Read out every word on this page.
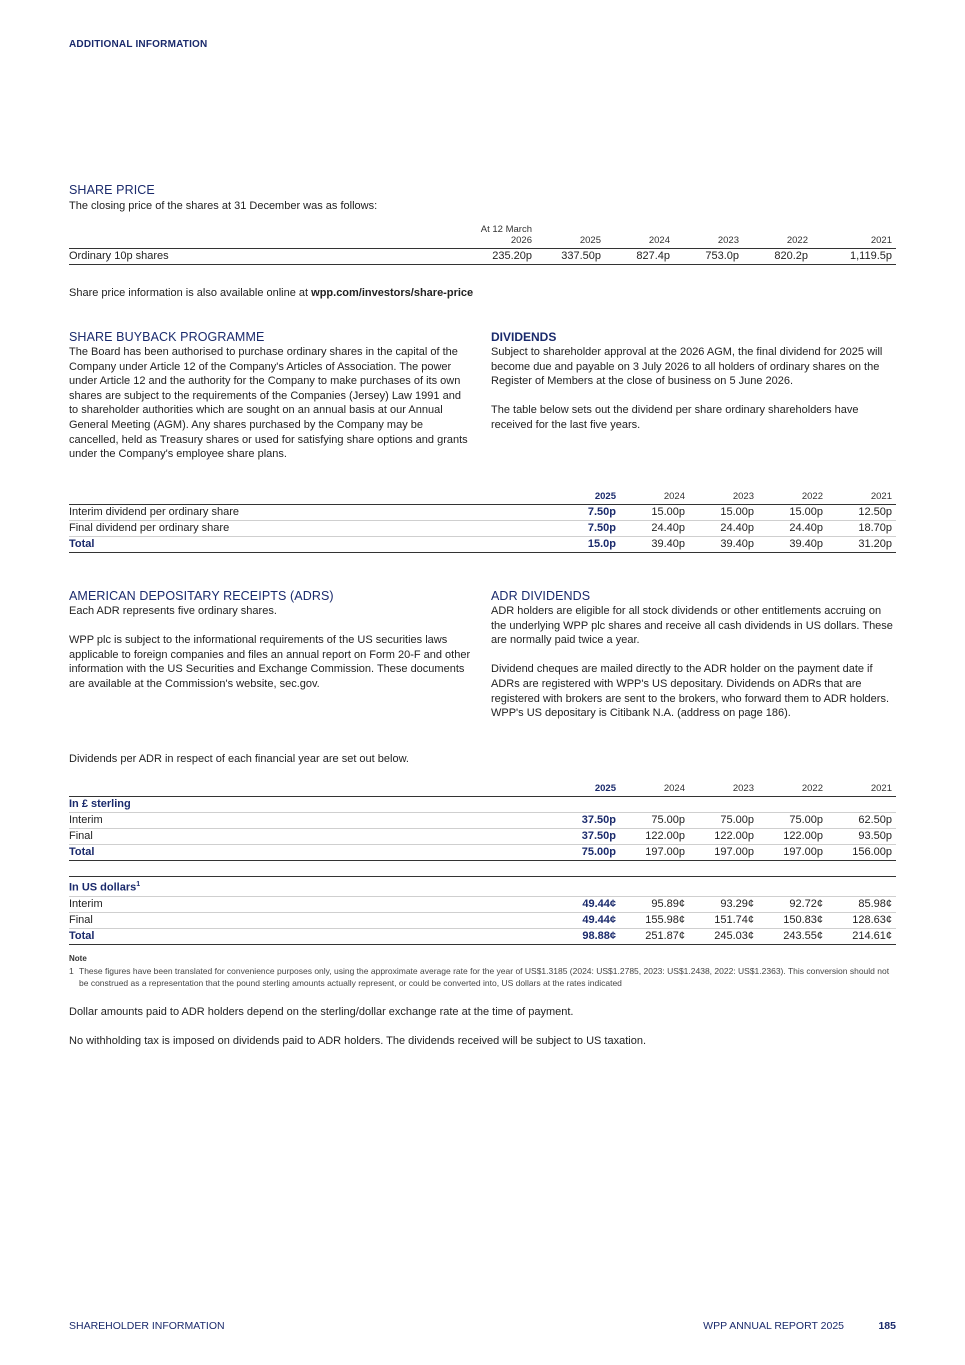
ADDITIONAL INFORMATION
SHARE PRICE
The closing price of the shares at 31 December was as follows:
	At 12 March
2026	2025	2024	2023	2022	2021
Ordinary 10p shares	235.20p	337.50p	827.4p	753.0p	820.2p	1,119.5p
Share price information is also available online at wpp.com/investors/share-price
SHARE BUYBACK PROGRAMME
The Board has been authorised to purchase ordinary shares in the capital of the Company under Article 12 of the Company's Articles of Association. The power under Article 12 and the authority for the Company to make purchases of its own shares are subject to the requirements of the Companies (Jersey) Law 1991 and to shareholder authorities which are sought on an annual basis at our Annual General Meeting (AGM). Any shares purchased by the Company may be cancelled, held as Treasury shares or used for satisfying share options and grants under the Company's employee share plans.
DIVIDENDS

Subject to shareholder approval at the 2026 AGM, the final dividend for 2025 will become due and payable on 3 July 2026 to all holders of ordinary shares on the Register of Members at the close of business on 5 June 2026.

The table below sets out the dividend per share ordinary shareholders have received for the last five years.

	2025	2024	2023	2022	2021
Interim dividend per ordinary share	7.50p	15.00p	15.00p	15.00p	12.50p
Final dividend per ordinary share	7.50p	24.40p	24.40p	24.40p	18.70p
Total	15.0p	39.40p	39.40p	39.40p	31.20p
AMERICAN DEPOSITARY RECEIPTS (ADRS)

Each ADR represents five ordinary shares.

WPP plc is subject to the informational requirements of the US securities laws applicable to foreign companies and files an annual report on Form 20-F and other information with the US Securities and Exchange Commission. These documents are available at the Commission's website, sec.gov.

ADR DIVIDENDS

ADR holders are eligible for all stock dividends or other entitlements accruing on the underlying WPP plc shares and receive all cash dividends in US dollars. These are normally paid twice a year.

Dividend cheques are mailed directly to the ADR holder on the payment date if ADRs are registered with WPP's US depositary. Dividends on ADRs that are registered with brokers are sent to the brokers, who forward them to ADR holders. WPP's US depositary is Citibank N.A. (address on page 186).

Dividends per ADR in respect of each financial year are set out below.
	2025	2024	2023	2022	2021
In £ sterling					
Interim	37.50p	75.00p	75.00p	75.00p	62.50p
Final	37.50p	122.00p	122.00p	122.00p	93.50p
Total	75.00p	197.00p	197.00p	197.00p	156.00p

In US dollars$^1$					
Interim	49.44¢	95.89¢	93.29¢	92.72¢	85.98¢
Final	49.44¢	155.98¢	151.74¢	150.83¢	128.63¢
Total	98.88¢	251.87¢	245.03¢	243.55¢	214.61¢
Note
1 These figures have been translated for convenience purposes only, using the approximate average rate for the year of US$1.3185 (2024: US$1.2785, 2023: US$1.2438, 2022: US$1.2363). This conversion should not be construed as a representation that the pound sterling amounts actually represent, or could be converted into, US dollars at the rates indicated

Dollar amounts paid to ADR holders depend on the sterling/dollar exchange rate at the time of payment.

No withholding tax is imposed on dividends paid to ADR holders. The dividends received will be subject to US taxation.

SHAREHOLDER INFORMATION	WPP ANNUAL REPORT 2025	185
